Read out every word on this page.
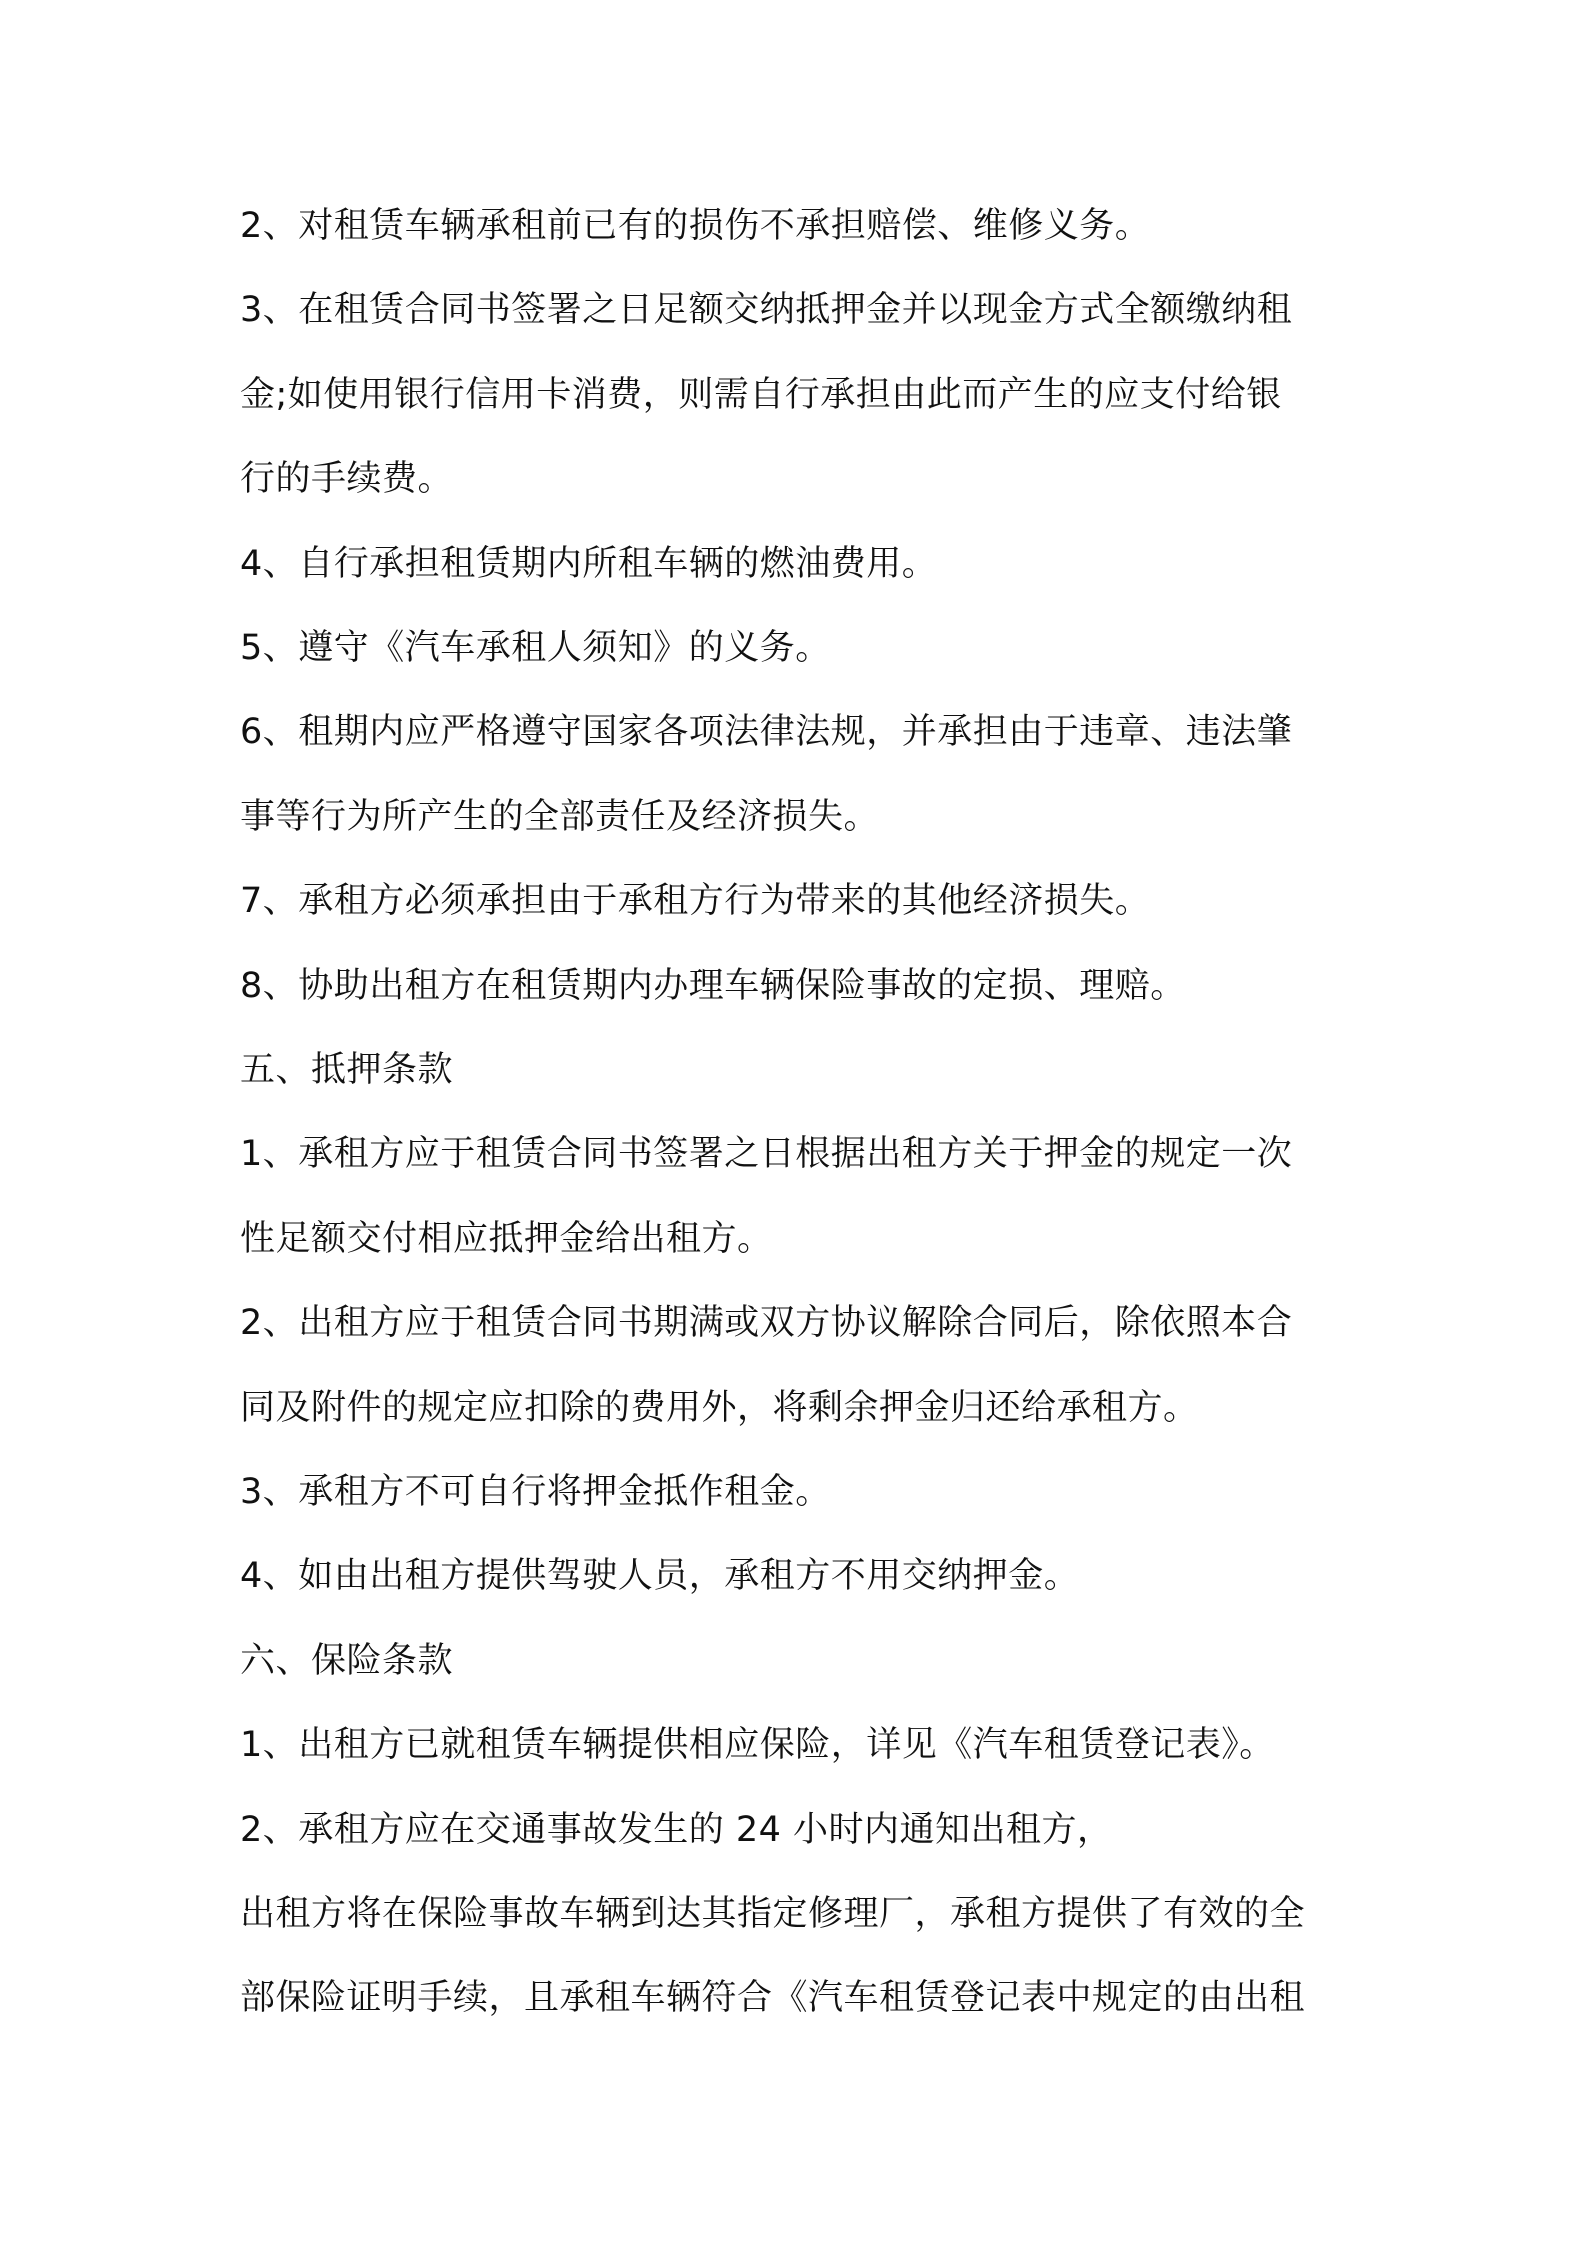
2、对租赁车辆承租前已有的损伤不承担赔偿、维修义务。
3、在租赁合同书签署之日足额交纳抵押金并以现金方式全额缴纳租
金;如使用银行信用卡消费，则需自行承担由此而产生的应支付给银
行的手续费。
4、自行承担租赁期内所租车辆的燃油费用。
5、遵守《汽车承租人须知》的义务。
6、租期内应严格遵守国家各项法律法规，并承担由于违章、违法肇
事等行为所产生的全部责任及经济损失。
7、承租方必须承担由于承租方行为带来的其他经济损失。
8、协助出租方在租赁期内办理车辆保险事故的定损、理赔。
五、抵押条款
1、承租方应于租赁合同书签署之日根据出租方关于押金的规定一次
性足额交付相应抵押金给出租方。
2、出租方应于租赁合同书期满或双方协议解除合同后，除依照本合
同及附件的规定应扣除的费用外，将剩余押金归还给承租方。
3、承租方不可自行将押金抵作租金。
4、如由出租方提供驾驶人员，承租方不用交纳押金。
六、保险条款
1、出租方已就租赁车辆提供相应保险，详见《汽车租赁登记表》。
2、承租方应在交通事故发生的 24 小时内通知出租方，
出租方将在保险事故车辆到达其指定修理厂，承租方提供了有效的全
部保险证明手续，且承租车辆符合《汽车租赁登记表中规定的由出租
